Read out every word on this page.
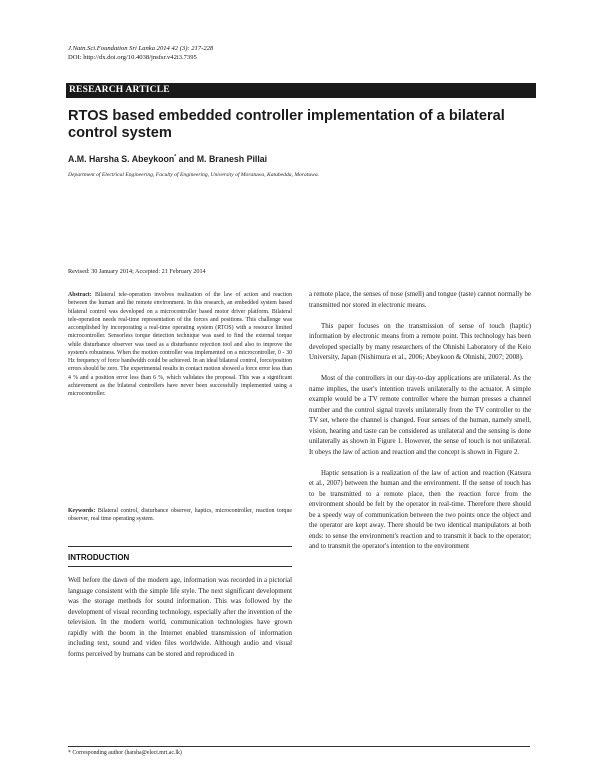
J.Natn.Sci.Foundation Sri Lanka 2014 42 (3): 217-228
DOI: http://dx.doi.org/10.4038/jnsfsr.v42i3.7395
RESEARCH ARTICLE
RTOS based embedded controller implementation of a bilateral control system
A.M. Harsha S. Abeykoon* and M. Branesh Pillai
Department of Electrical Engineering, Faculty of Engineering, University of Moratuwa, Katubedda, Moratuwa.
Revised: 30 January 2014; Accepted: 21 February 2014
Abstract: Bilateral tele-operation involves realization of the law of action and reaction between the human and the remote environment. In this research, an embedded system based bilateral control was developed on a microcontroller based motor driver platform. Bilateral tele-operation needs real-time representation of the forces and positions. This challenge was accomplished by incorporating a real-time operating system (RTOS) with a resource limited microcontroller. Sensorless torque detection technique was used to find the external torque while disturbance observer was used as a disturbance rejection tool and also to improve the system's robustness. When the motion controller was implemented on a microcontroller, 0 - 30 Hz frequency of force bandwidth could be achieved. In an ideal bilateral control, force/position errors should be zero. The experimental results in contact motion showed a force error less than 4 % and a position error less than 6 %, which validates the proposal. This was a significant achievement as the bilateral controllers have never been successfully implemented using a microcontroller.
Keywords: Bilateral control, disturbance observer, haptics, microcontroller, reaction torque observer, real time operating system.
INTRODUCTION
Well before the dawn of the modern age, information was recorded in a pictorial language consistent with the simple life style. The next significant development was the storage methods for sound information. This was followed by the development of visual recording technology, especially after the invention of the television. In the modern world, communication technologies have grown rapidly with the boom in the Internet enabled transmission of information including text, sound and video files worldwide. Although audio and visual forms perceived by humans can be stored and reproduced in

a remote place, the senses of nose (smell) and tongue (taste) cannot normally be transmitted nor stored in electronic means.

This paper focuses on the transmission of sense of touch (haptic) information by electronic means from a remote point. This technology has been developed specially by many researchers of the Ohnishi Laboratory of the Keio University, Japan (Nishimura et al., 2006; Abeykoon & Ohnishi, 2007; 2008).

Most of the controllers in our day-to-day applications are unilateral. As the name implies, the user's intention travels unilaterally to the actuator. A simple example would be a TV remote controller where the human presses a channel number and the control signal travels unilaterally from the TV controller to the TV set, where the channel is changed. Four senses of the human, namely smell, vision, hearing and taste can be considered as unilateral and the sensing is done unilaterally as shown in Figure 1. However, the sense of touch is not unilateral. It obeys the law of action and reaction and the concept is shown in Figure 2.

Haptic sensation is a realization of the law of action and reaction (Katsura et al., 2007) between the human and the environment. If the sense of touch has to be transmitted to a remote place, then the reaction force from the environment should be felt by the operator in real-time. Therefore there should be a speedy way of communication between the two points once the object and the operator are kept away. There should be two identical manipulators at both ends: to sense the environment's reaction and to transmit it back to the operator; and to transmit the operator's intention to the environment

* Corresponding author (harsha@elect.mrt.ac.lk)
